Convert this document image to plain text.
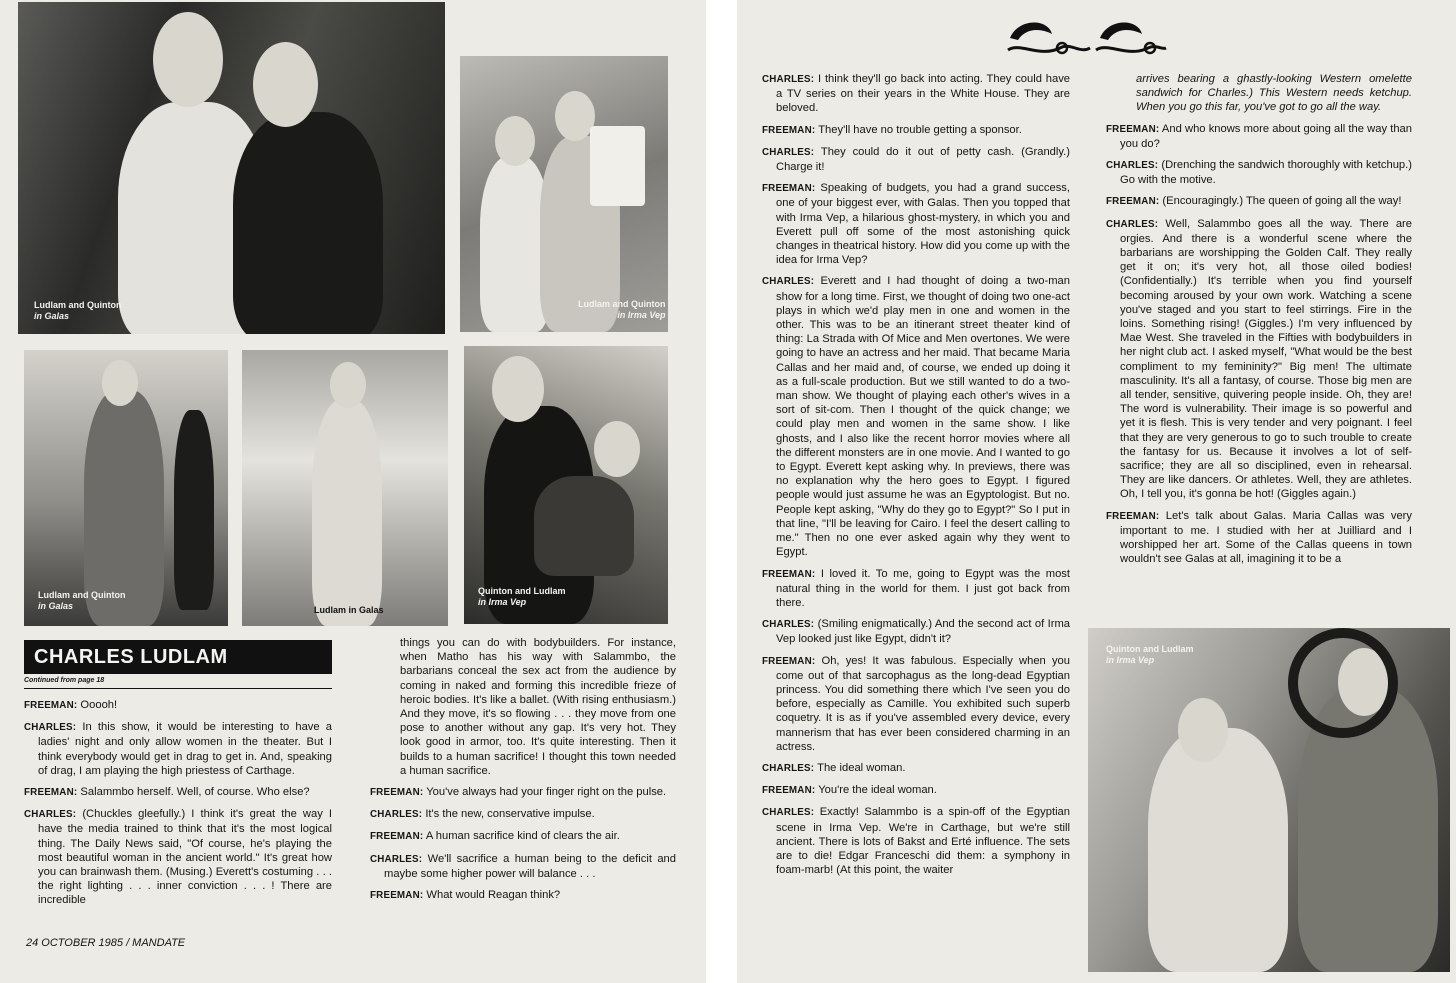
Ludlam and Quinton
in Galas
Ludlam and Quinton
in Irma Vep
Ludlam and Quinton
in Galas	Ludlam in Galas
Quinton and Ludlam
in Irma Vep
CHARLES LUDLAM
Continued from page 18

FREEMAN: Ooooh!

CHARLES: In this show, it would be interesting to have a ladies' night and only allow women in the theater. But I think everybody would get in drag to get in. And, speaking of drag, I am playing the high priestess of Carthage.

FREEMAN: Salammbo herself. Well, of course. Who else?

CHARLES: (Chuckles gleefully.) I think it's great the way I have the media trained to think that it's the most logical thing. The Daily News said, "Of course, he's playing the most beautiful woman in the ancient world." It's great how you can brainwash them. (Musing.) Everett's costuming . . . the right lighting . . . inner conviction . . . ! There are incredible

things you can do with bodybuilders. For instance, when Matho has his way with Salammbo, the barbarians conceal the sex act from the audience by coming in naked and forming this incredible frieze of heroic bodies. It's like a ballet. (With rising enthusiasm.) And they move, it's so flowing . . . they move from one pose to another without any gap. It's very hot. They look good in armor, too. It's quite interesting. Then it builds to a human sacrifice! I thought this town needed a human sacrifice.

FREEMAN: You've always had your finger right on the pulse.

CHARLES: It's the new, conservative impulse.

FREEMAN: A human sacrifice kind of clears the air.

CHARLES: We'll sacrifice a human being to the deficit and maybe some higher power will balance . . .

FREEMAN: What would Reagan think?

24 OCTOBER 1985 / MANDATE

CHARLES: I think they'll go back into acting. They could have a TV series on their years in the White House. They are beloved.

FREEMAN: They'll have no trouble getting a sponsor.

CHARLES: They could do it out of petty cash. (Grandly.) Charge it!

FREEMAN: Speaking of budgets, you had a grand success, one of your biggest ever, with Galas. Then you topped that with Irma Vep, a hilarious ghost-mystery, in which you and Everett pull off some of the most astonishing quick changes in theatrical history. How did you come up with the idea for Irma Vep?

CHARLES: Everett and I had thought of doing a two-man show for a long time. First, we thought of doing two one-act plays in which we'd play men in one and women in the other. This was to be an itinerant street theater kind of thing: La Strada with Of Mice and Men overtones. We were going to have an actress and her maid. That became Maria Callas and her maid and, of course, we ended up doing it as a full-scale production. But we still wanted to do a two-man show. We thought of playing each other's wives in a sort of sit-com. Then I thought of the quick change; we could play men and women in the same show. I like ghosts, and I also like the recent horror movies where all the different monsters are in one movie. And I wanted to go to Egypt. Everett kept asking why. In previews, there was no explanation why the hero goes to Egypt. I figured people would just assume he was an Egyptologist. But no. People kept asking, "Why do they go to Egypt?" So I put in that line, "I'll be leaving for Cairo. I feel the desert calling to me." Then no one ever asked again why they went to Egypt.

FREEMAN: I loved it. To me, going to Egypt was the most natural thing in the world for them. I just got back from there.

CHARLES: (Smiling enigmatically.) And the second act of Irma Vep looked just like Egypt, didn't it?

FREEMAN: Oh, yes! It was fabulous. Especially when you come out of that sarcophagus as the long-dead Egyptian princess. You did something there which I've seen you do before, especially as Camille. You exhibited such superb coquetry. It is as if you've assembled every device, every mannerism that has ever been considered charming in an actress.

CHARLES: The ideal woman.

FREEMAN: You're the ideal woman.

CHARLES: Exactly! Salammbo is a spin-off of the Egyptian scene in Irma Vep. We're in Carthage, but we're still ancient. There is lots of Bakst and Erté influence. The sets are to die! Edgar Franceschi did them: a symphony in foam-marb! (At this point, the waiter

arrives bearing a ghastly-looking Western omelette sandwich for Charles.) This Western needs ketchup. When you go this far, you've got to go all the way.

FREEMAN: And who knows more about going all the way than you do?

CHARLES: (Drenching the sandwich thoroughly with ketchup.) Go with the motive.

FREEMAN: (Encouragingly.) The queen of going all the way!

CHARLES: Well, Salammbo goes all the way. There are orgies. And there is a wonderful scene where the barbarians are worshipping the Golden Calf. They really get it on; it's very hot, all those oiled bodies! (Confidentially.) It's terrible when you find yourself becoming aroused by your own work. Watching a scene you've staged and you start to feel stirrings. Fire in the loins. Something rising! (Giggles.) I'm very influenced by Mae West. She traveled in the Fifties with bodybuilders in her night club act. I asked myself, "What would be the best compliment to my femininity?" Big men! The ultimate masculinity. It's all a fantasy, of course. Those big men are all tender, sensitive, quivering people inside. Oh, they are! The word is vulnerability. Their image is so powerful and yet it is flesh. This is very tender and very poignant. I feel that they are very generous to go to such trouble to create the fantasy for us. Because it involves a lot of self-sacrifice; they are all so disciplined, even in rehearsal. They are like dancers. Or athletes. Well, they are athletes. Oh, I tell you, it's gonna be hot! (Giggles again.)

FREEMAN: Let's talk about Galas. Maria Callas was very important to me. I studied with her at Juilliard and I worshipped her art. Some of the Callas queens in town wouldn't see Galas at all, imagining it to be a

Quinton and Ludlam
in Irma Vep
